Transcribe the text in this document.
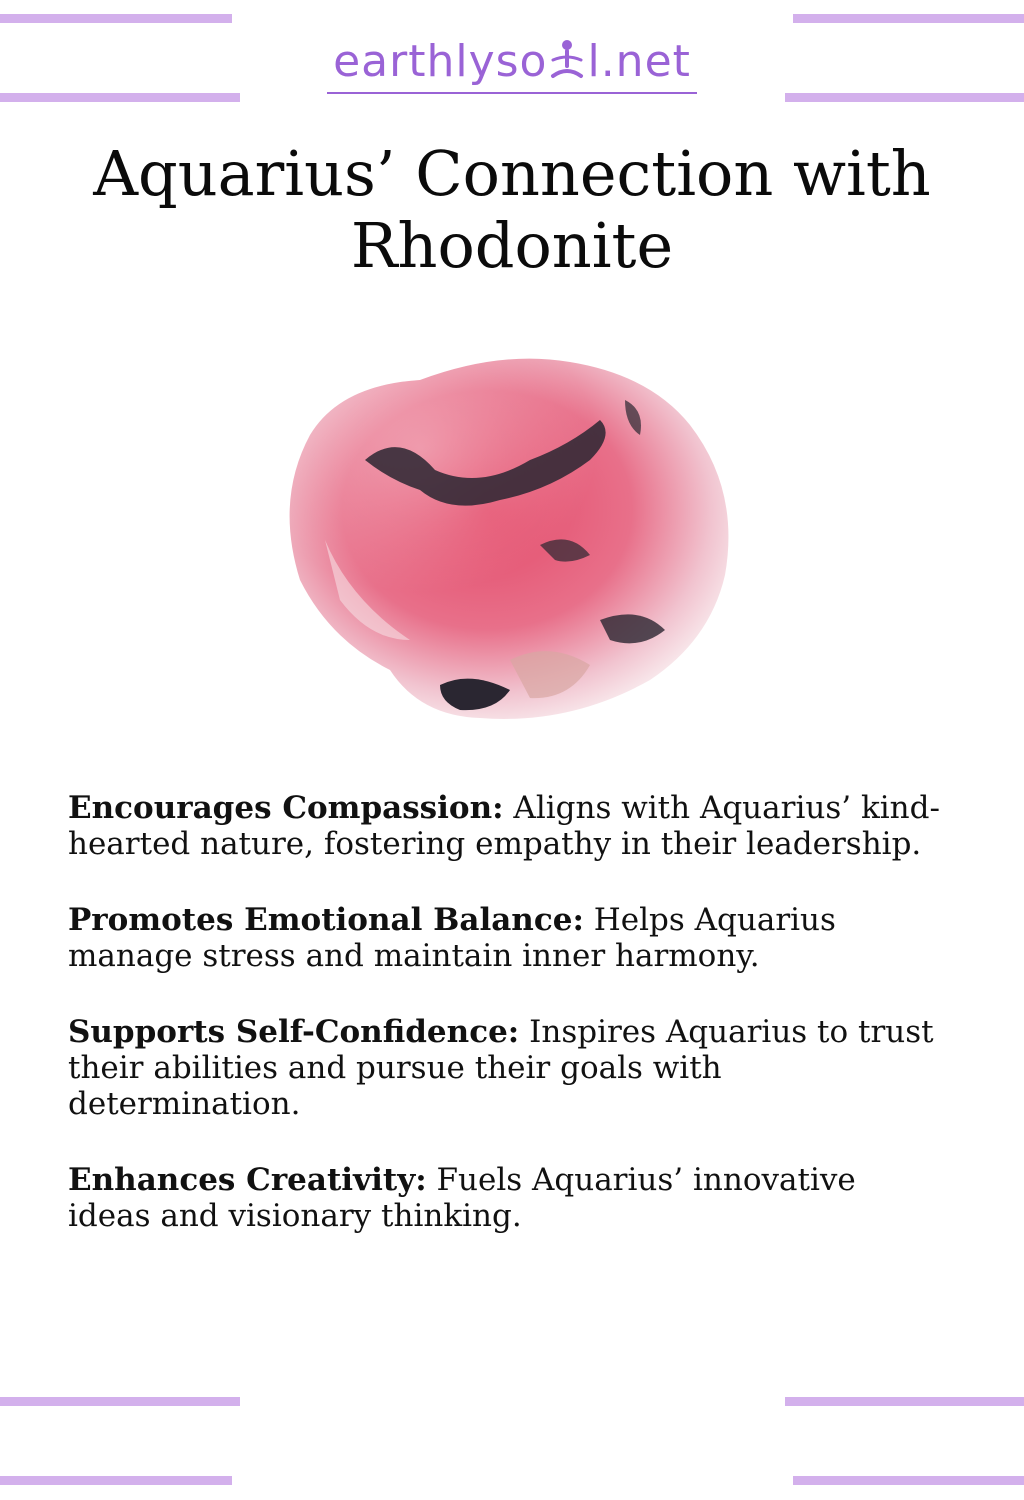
earthlyso l.net
Aquarius’ Connection with
Rhodonite

Encourages Compassion: Aligns with Aquarius’ kind-hearted nature, fostering empathy in their leadership.

Promotes Emotional Balance: Helps Aquarius manage stress and maintain inner harmony.

Supports Self-Confidence: Inspires Aquarius to trust their abilities and pursue their goals with determination.

Enhances Creativity: Fuels Aquarius’ innovative ideas and visionary thinking.
